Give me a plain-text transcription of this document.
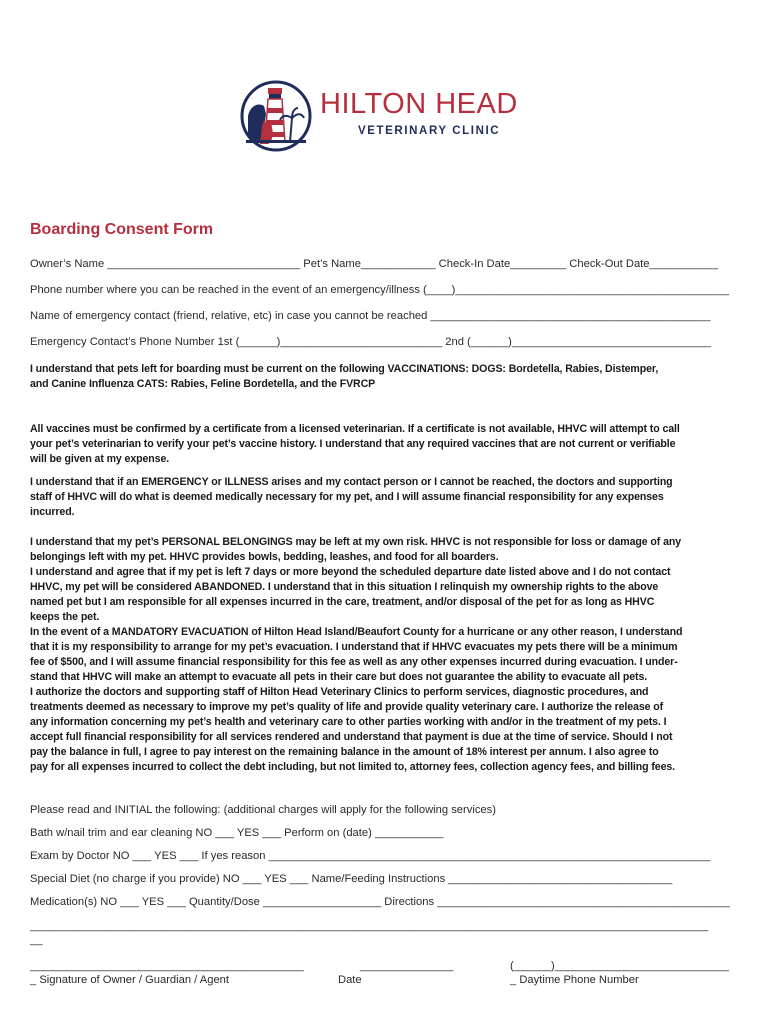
HILTON HEAD
VETERINARY CLINIC
Boarding Consent Form
Owner’s Name _______________________________ Pet’s Name____________ Check-In Date_________ Check-Out Date___________
Phone number where you can be reached in the event of an emergency/illness (____)____________________________________________
Name of emergency contact (friend, relative, etc) in case you cannot be reached _____________________________________________
Emergency Contact’s Phone Number 1st (______)__________________________ 2nd (______)________________________________
I understand that pets left for boarding must be current on the following VACCINATIONS: DOGS: Bordetella, Rabies, Distemper,
and Canine Influenza CATS: Rabies, Feline Bordetella, and the FVRCP
All vaccines must be confirmed by a certificate from a licensed veterinarian. If a certificate is not available, HHVC will attempt to call
your pet’s veterinarian to verify your pet’s vaccine history. I understand that any required vaccines that are not current or verifiable
will be given at my expense.
I understand that if an EMERGENCY or ILLNESS arises and my contact person or I cannot be reached, the doctors and supporting
staff of HHVC will do what is deemed medically necessary for my pet, and I will assume financial responsibility for any expenses
incurred.
I understand that my pet’s PERSONAL BELONGINGS may be left at my own risk. HHVC is not responsible for loss or damage of any
belongings left with my pet. HHVC provides bowls, bedding, leashes, and food for all boarders.
I understand and agree that if my pet is left 7 days or more beyond the scheduled departure date listed above and I do not contact
HHVC, my pet will be considered ABANDONED. I understand that in this situation I relinquish my ownership rights to the above
named pet but I am responsible for all expenses incurred in the care, treatment, and/or disposal of the pet for as long as HHVC
keeps the pet.
In the event of a MANDATORY EVACUATION of Hilton Head Island/Beaufort County for a hurricane or any other reason, I understand
that it is my responsibility to arrange for my pet’s evacuation. I understand that if HHVC evacuates my pets there will be a minimum
fee of $500, and I will assume financial responsibility for this fee as well as any other expenses incurred during evacuation. I under-
stand that HHVC will make an attempt to evacuate all pets in their care but does not guarantee the ability to evacuate all pets.
I authorize the doctors and supporting staff of Hilton Head Veterinary Clinics to perform services, diagnostic procedures, and
treatments deemed as necessary to improve my pet’s quality of life and provide quality veterinary care. I authorize the release of
any information concerning my pet’s health and veterinary care to other parties working with and/or in the treatment of my pets. I
accept full financial responsibility for all services rendered and understand that payment is due at the time of service. Should I not
pay the balance in full, I agree to pay interest on the remaining balance in the amount of 18% interest per annum. I also agree to
pay for all expenses incurred to collect the debt including, but not limited to, attorney fees, collection agency fees, and billing fees.
Please read and INITIAL the following: (additional charges will apply for the following services)
Bath w/nail trim and ear cleaning NO ___ YES ___ Perform on (date) ___________
Exam by Doctor NO ___ YES ___ If yes reason _______________________________________________________________________
Special Diet (no charge if you provide) NO ___ YES ___ Name/Feeding Instructions ____________________________________
Medication(s) NO ___ YES ___ Quantity/Dose ___________________ Directions _______________________________________________
_____________________________________________________________________________________________________________
__
____________________________________________
_ Signature of Owner / Guardian / Agent
_______________
Date
(______)____________________________
_ Daytime Phone Number
